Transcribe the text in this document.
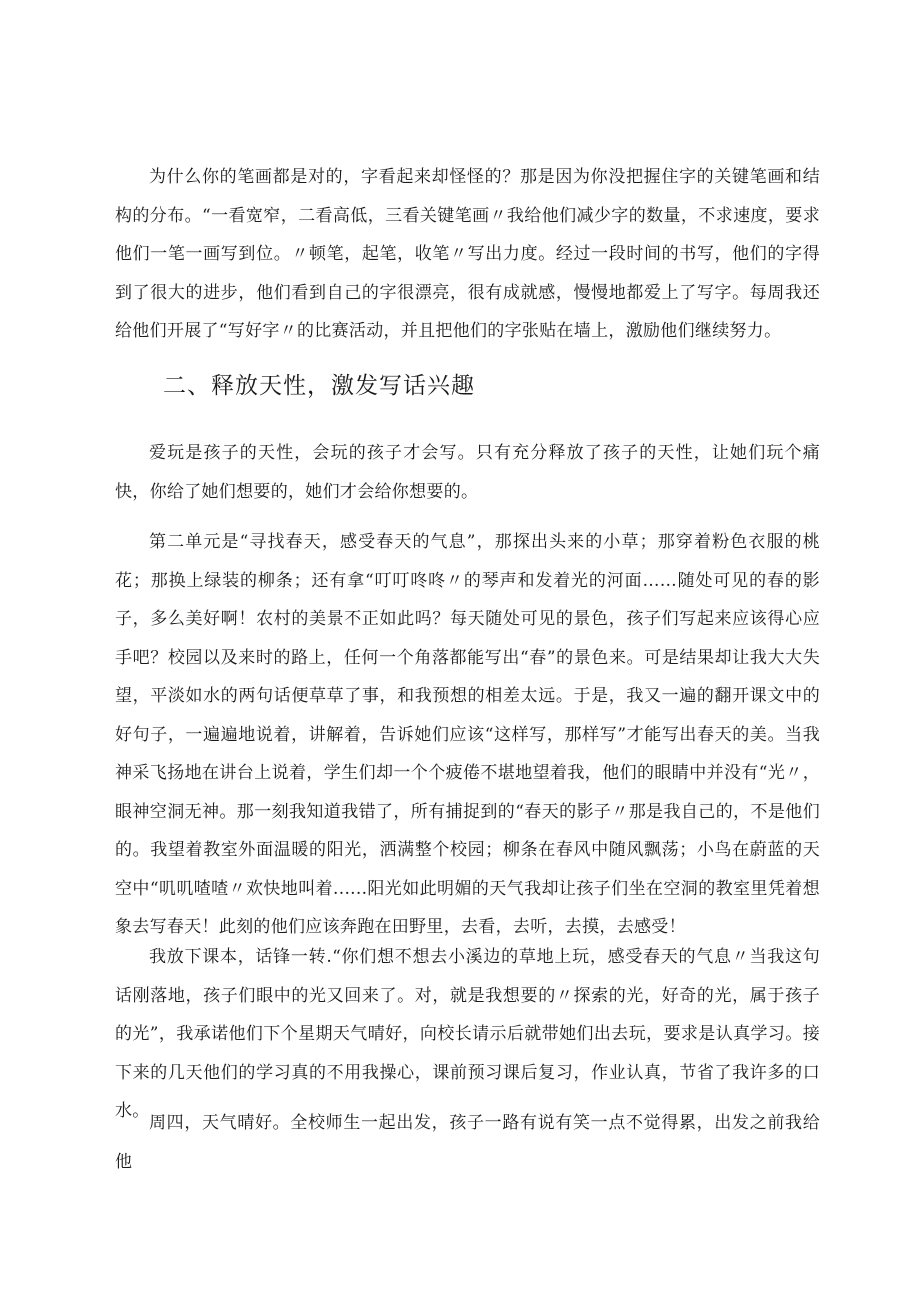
为什么你的笔画都是对的，字看起来却怪怪的？那是因为你没把握住字的关键笔画和结构的分布。“一看宽窄，二看高低，三看关键笔画〃我给他们减少字的数量，不求速度，要求他们一笔一画写到位。〃顿笔，起笔，收笔〃写出力度。经过一段时间的书写，他们的字得到了很大的进步，他们看到自己的字很漂亮，很有成就感，慢慢地都爱上了写字。每周我还给他们开展了“写好字〃的比赛活动，并且把他们的字张贴在墙上，激励他们继续努力。

二、释放天性，激发写话兴趣

爱玩是孩子的天性，会玩的孩子才会写。只有充分释放了孩子的天性，让她们玩个痛快，你给了她们想要的，她们才会给你想要的。

第二单元是“寻找春天，感受春天的气息”，那探出头来的小草；那穿着粉色衣服的桃花；那换上绿装的柳条；还有拿“叮叮咚咚〃的琴声和发着光的河面……随处可见的春的影子，多么美好啊！农村的美景不正如此吗？每天随处可见的景色，孩子们写起来应该得心应手吧？校园以及来时的路上，任何一个角落都能写出“春”的景色来。可是结果却让我大大失望，平淡如水的两句话便草草了事，和我预想的相差太远。于是，我又一遍的翻开课文中的好句子，一遍遍地说着，讲解着，告诉她们应该“这样写，那样写”才能写出春天的美。当我神采飞扬地在讲台上说着，学生们却一个个疲倦不堪地望着我，他们的眼睛中并没有“光〃，眼神空洞无神。那一刻我知道我错了，所有捕捉到的“春天的影子〃那是我自己的，不是他们的。我望着教室外面温暖的阳光，洒满整个校园；柳条在春风中随风飘荡；小鸟在蔚蓝的天空中“叽叽喳喳〃欢快地叫着......阳光如此明媚的天气我却让孩子们坐在空洞的教室里凭着想象去写春天！此刻的他们应该奔跑在田野里，去看，去听，去摸，去感受！

我放下课本，话锋一转.“你们想不想去小溪边的草地上玩，感受春天的气息〃当我这句话刚落地，孩子们眼中的光又回来了。对，就是我想要的〃探索的光，好奇的光，属于孩子的光”，我承诺他们下个星期天气晴好，向校长请示后就带她们出去玩，要求是认真学习。接下来的几天他们的学习真的不用我操心，课前预习课后复习，作业认真，节省了我许多的口水。

周四，天气晴好。全校师生一起出发，孩子一路有说有笑一点不觉得累，出发之前我给他
